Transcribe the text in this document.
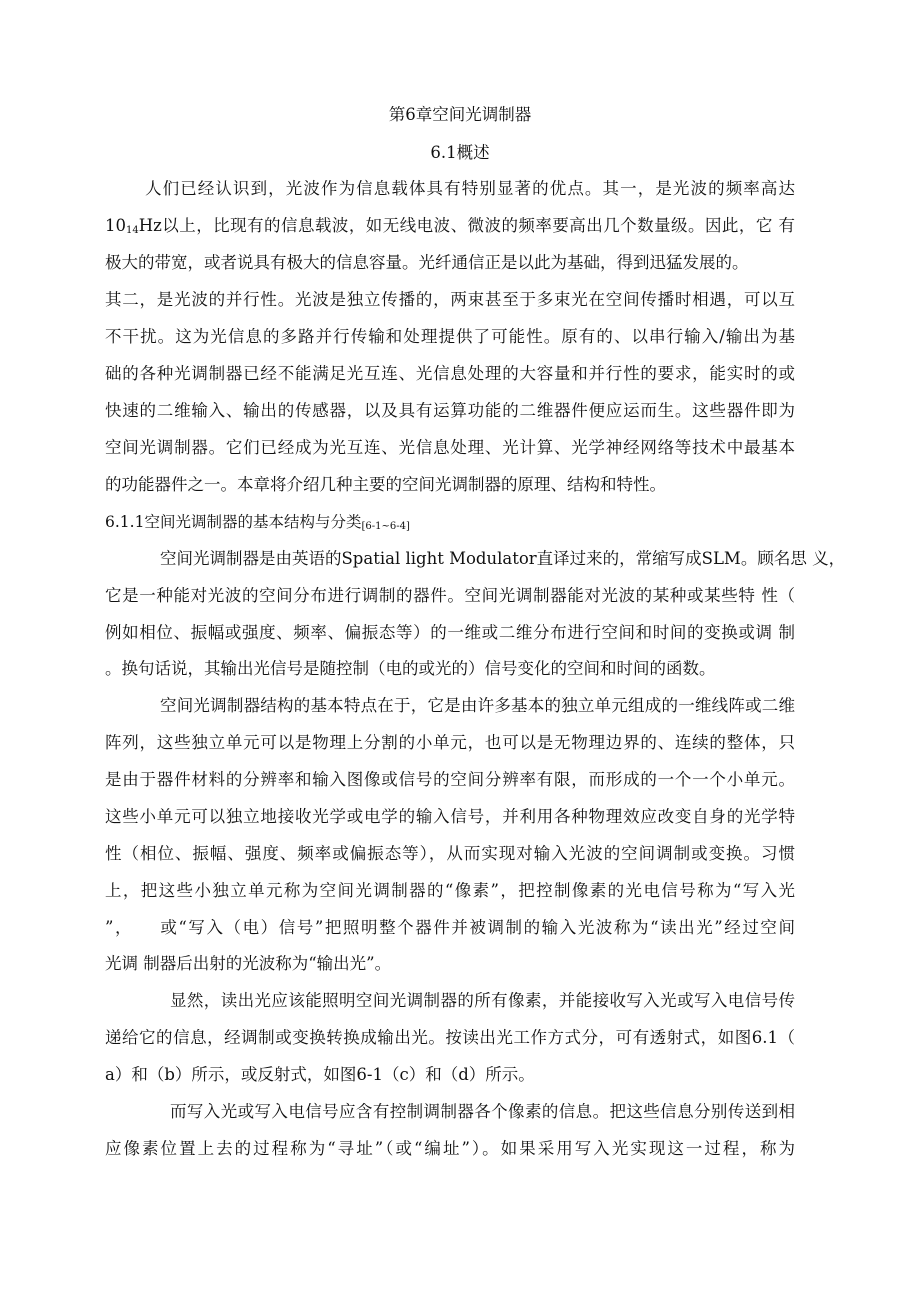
第6章空间光调制器
6.1概述
人们已经认识到，光波作为信息载体具有特别显著的优点。其一，是光波的频率高达
$10_{14}Hz$以上，比现有的信息载波，如无线电波、微波的频率要高出几个数量级。因此，它 有
极大的带宽，或者说具有极大的信息容量。光纤通信正是以此为基础，得到迅猛发展的。
其二，是光波的并行性。光波是独立传播的，两束甚至于多束光在空间传播时相遇，可以互
不干扰。这为光信息的多路并行传输和处理提供了可能性。原有的、以串行输入/输出为基
础的各种光调制器已经不能满足光互连、光信息处理的大容量和并行性的要求，能实时的或
快速的二维输入、输出的传感器，以及具有运算功能的二维器件便应运而生。这些器件即为
空间光调制器。它们已经成为光互连、光信息处理、光计算、光学神经网络等技术中最基本
的功能器件之一。本章将介绍几种主要的空间光调制器的原理、结构和特性。
6.1.1空间光调制器的基本结构与分类$_{[6-1\sim 6-4]}$
空间光调制器是由英语的Spatial light Modulator直译过来的，常缩写成SLM。顾名思 义，
它是一种能对光波的空间分布进行调制的器件。空间光调制器能对光波的某种或某些特 性（
例如相位、振幅或强度、频率、偏振态等）的一维或二维分布进行空间和时间的变换或调 制
。换句话说，其输出光信号是随控制（电的或光的）信号变化的空间和时间的函数。
空间光调制器结构的基本特点在于，它是由许多基本的独立单元组成的一维线阵或二维
阵列，这些独立单元可以是物理上分割的小单元，也可以是无物理边界的、连续的整体，只
是由于器件材料的分辨率和输入图像或信号的空间分辨率有限，而形成的一个一个小单元。
这些小单元可以独立地接收光学或电学的输入信号，并利用各种物理效应改变自身的光学特
性（相位、振幅、强度、频率或偏振态等），从而实现对输入光波的空间调制或变换。习惯
上，把这些小独立单元称为空间光调制器的“像素”，把控制像素的光电信号称为“写入光
”，    或“写入（电）信号”把照明整个器件并被调制的输入光波称为“读出光”经过空间
光调 制器后出射的光波称为“输出光”。
显然，读出光应该能照明空间光调制器的所有像素，并能接收写入光或写入电信号传
递给它的信息，经调制或变换转换成输出光。按读出光工作方式分，可有透射式，如图6.1（
a）和（b）所示，或反射式，如图6-1（c）和（d）所示。
而写入光或写入电信号应含有控制调制器各个像素的信息。把这些信息分别传送到相
应像素位置上去的过程称为“寻址”（或“编址”）。如果采用写入光实现这一过程，称为
